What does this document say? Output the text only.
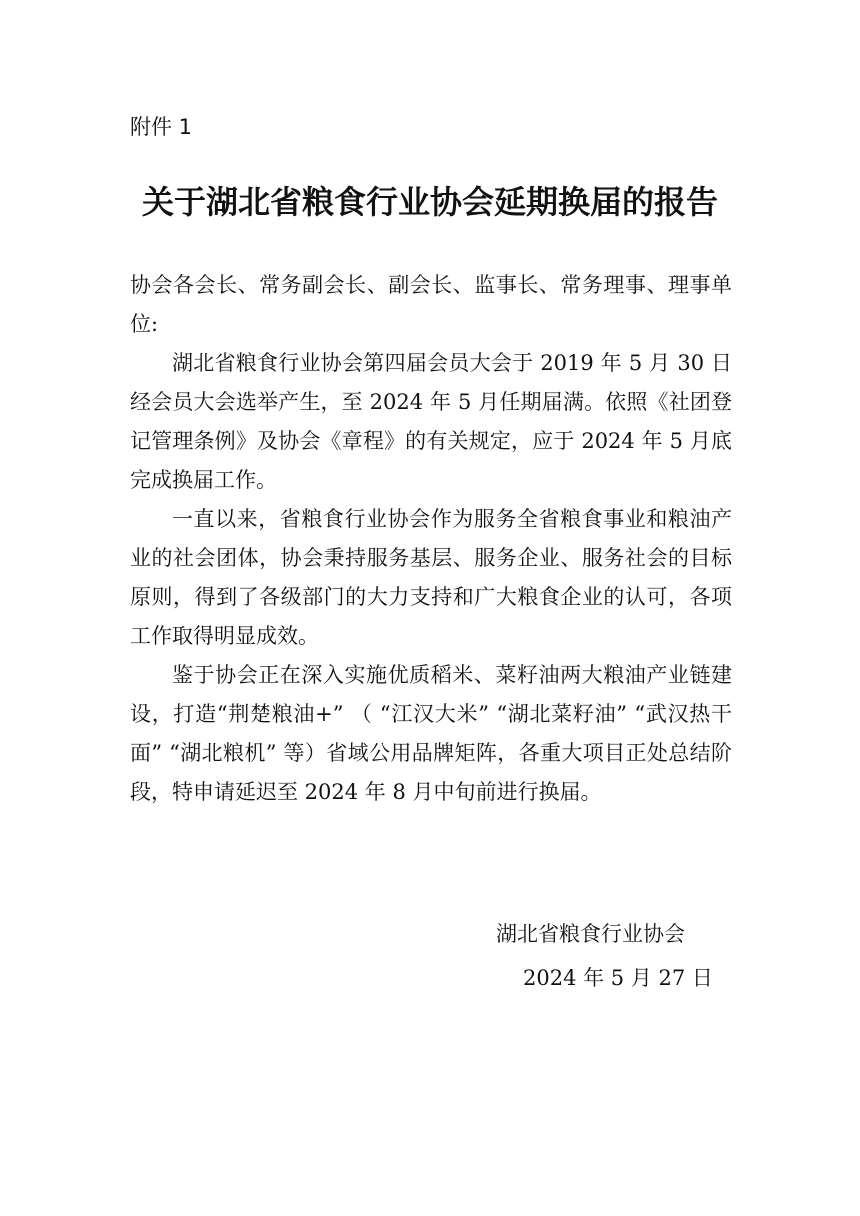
附件 1
关于湖北省粮食行业协会延期换届的报告

协会各会长、常务副会长、副会长、监事长、常务理事、理事单位:

湖北省粮食行业协会第四届会员大会于 2019 年 5 月 30 日经会员大会选举产生，至 2024 年 5 月任期届满。依照《社团登记管理条例》及协会《章程》的有关规定，应于 2024 年 5 月底完成换届工作。

一直以来，省粮食行业协会作为服务全省粮食事业和粮油产业的社会团体，协会秉持服务基层、服务企业、服务社会的目标原则，得到了各级部门的大力支持和广大粮食企业的认可，各项工作取得明显成效。

鉴于协会正在深入实施优质稻米、菜籽油两大粮油产业链建设，打造“荆楚粮油+” （ “江汉大米” “湖北菜籽油” “武汉热干面” “湖北粮机” 等）省域公用品牌矩阵，各重大项目正处总结阶段，特申请延迟至 2024 年 8 月中旬前进行换届。

湖北省粮食行业协会
2024 年 5 月 27 日
